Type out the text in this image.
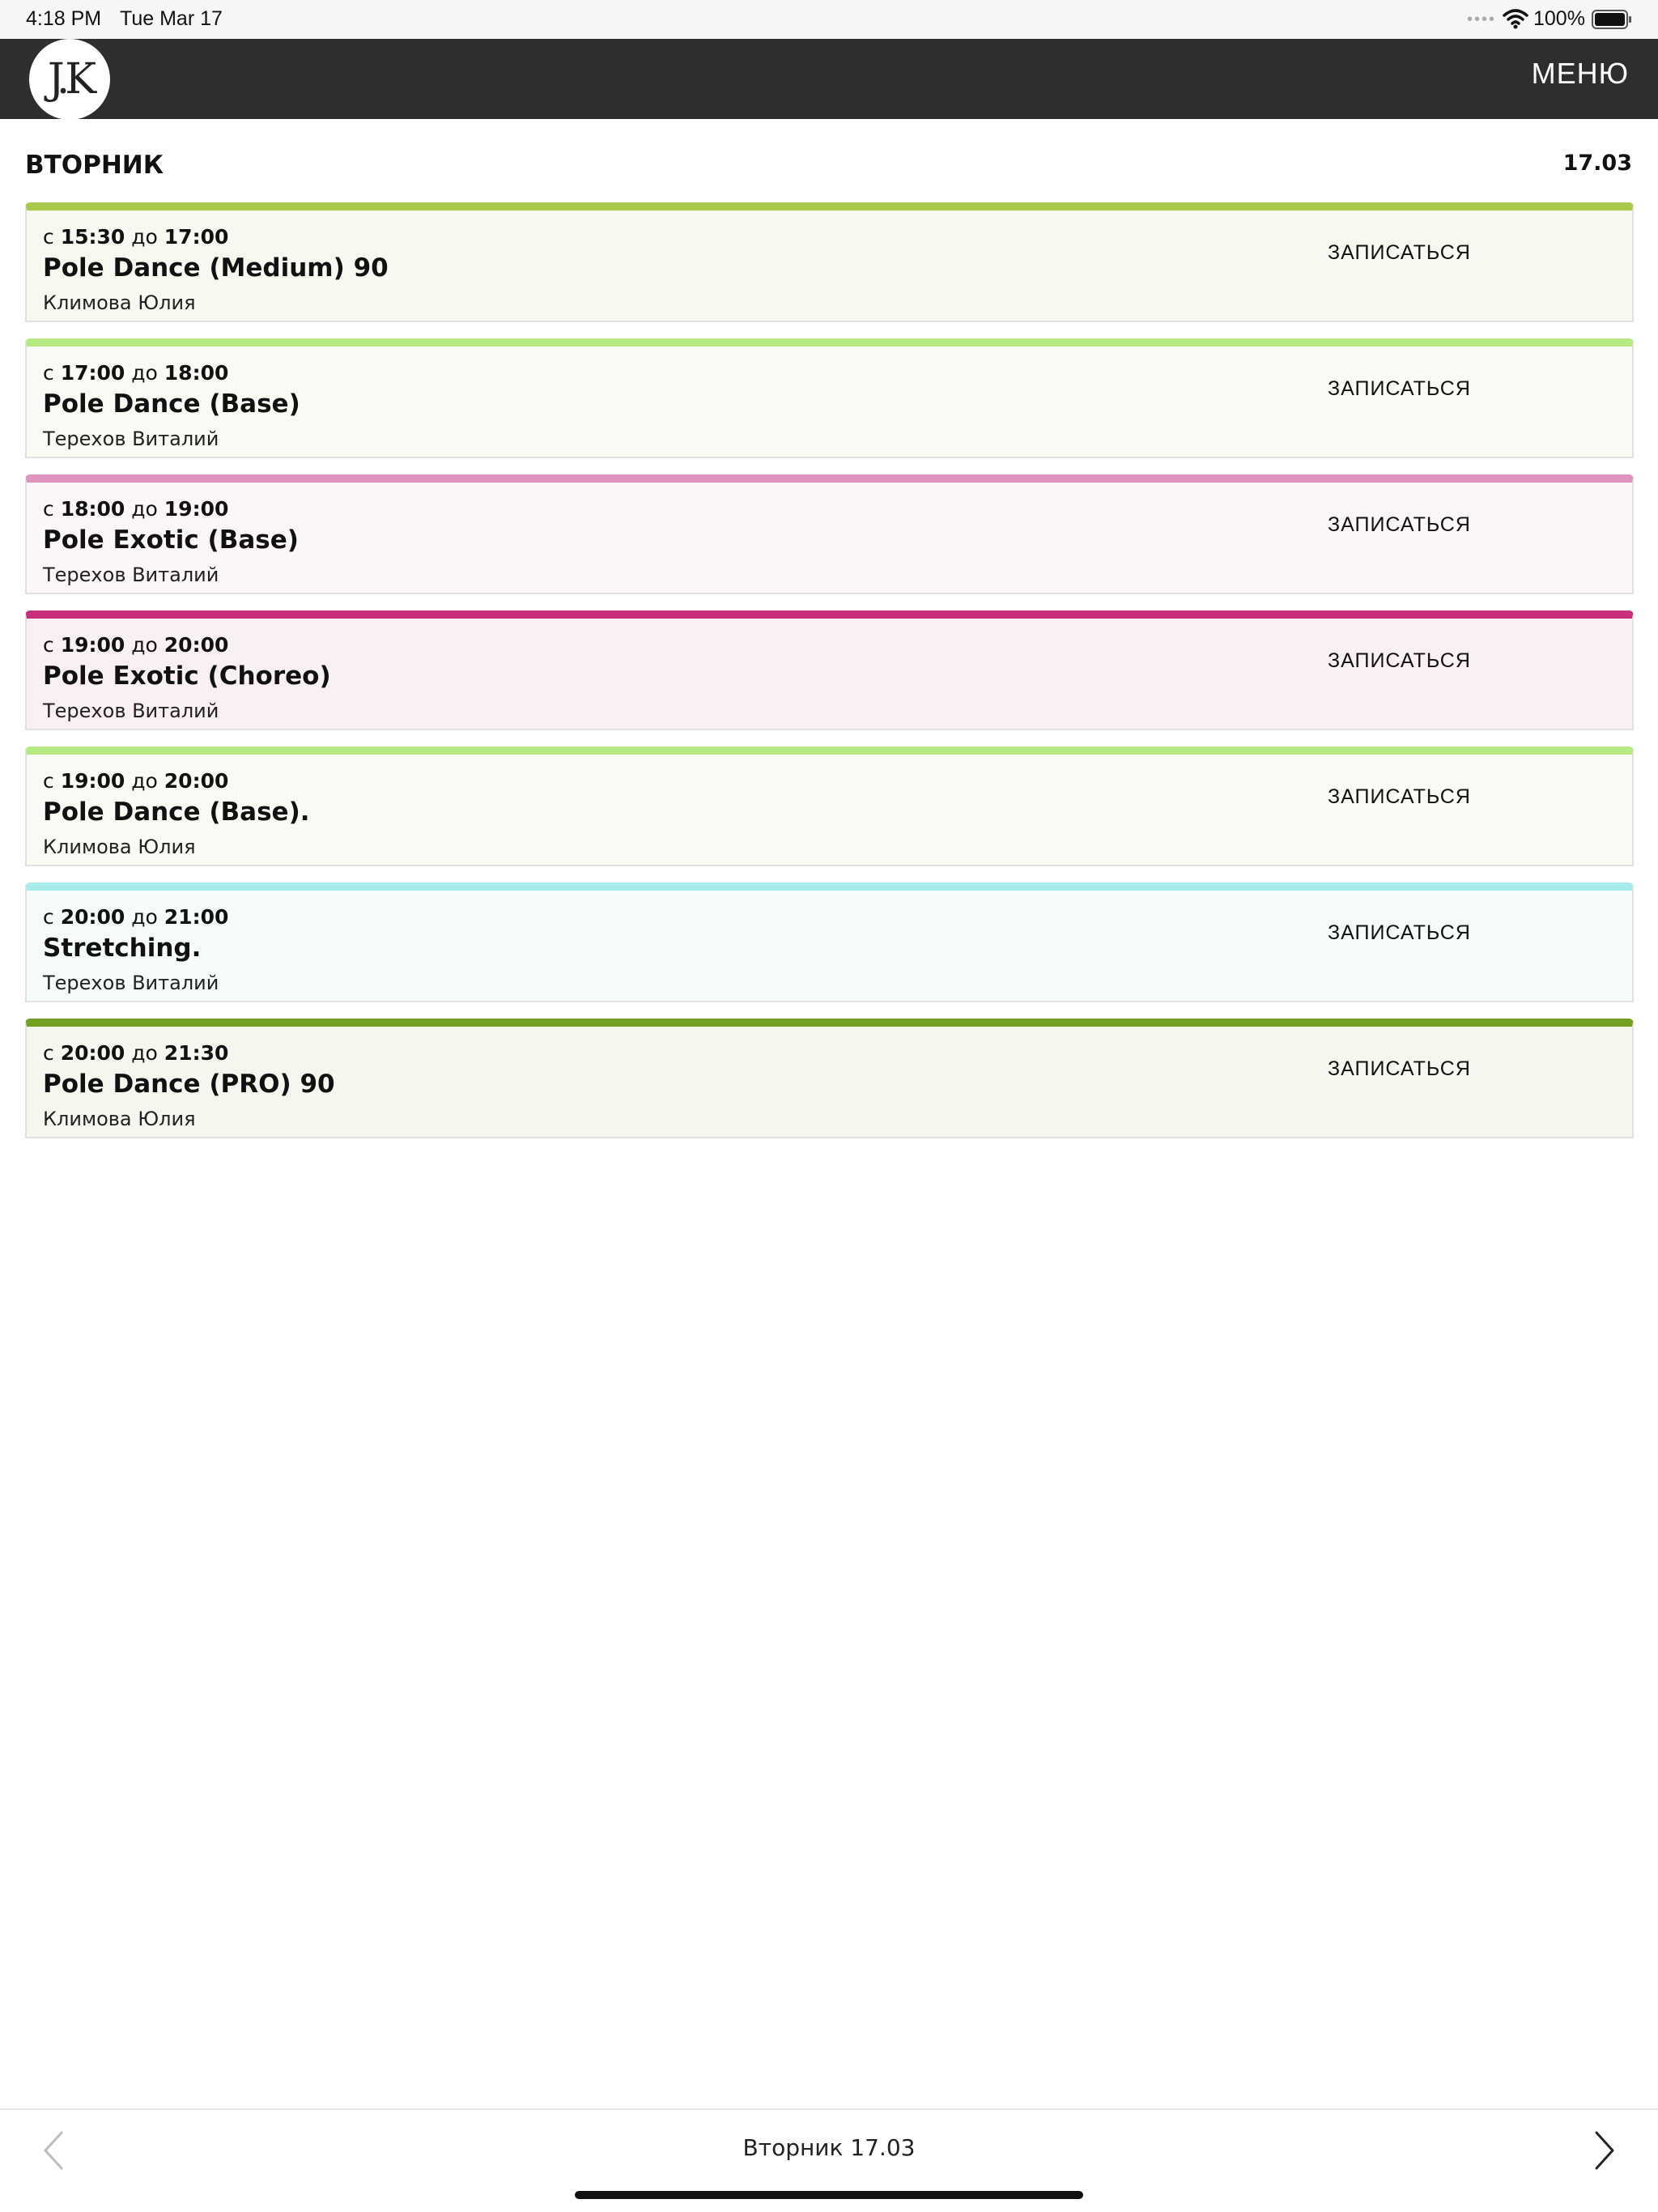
4:18 PM Tue Mar 17	•••• 100%
J.K	МЕНЮ
ВТОРНИК	17.03
с 15:30 до 17:00
Pole Dance (Medium) 90
Климова Юлия
ЗАПИСАТЬСЯ
с 17:00 до 18:00
Pole Dance (Base)
Терехов Виталий
ЗАПИСАТЬСЯ
с 18:00 до 19:00
Pole Exotic (Base)
Терехов Виталий
ЗАПИСАТЬСЯ
с 19:00 до 20:00
Pole Exotic (Choreo)
Терехов Виталий
ЗАПИСАТЬСЯ
с 19:00 до 20:00
Pole Dance (Base).
Климова Юлия
ЗАПИСАТЬСЯ
с 20:00 до 21:00
Stretching.
Терехов Виталий
ЗАПИСАТЬСЯ
с 20:00 до 21:30
Pole Dance (PRO) 90
Климова Юлия
ЗАПИСАТЬСЯ
Вторник 17.03
